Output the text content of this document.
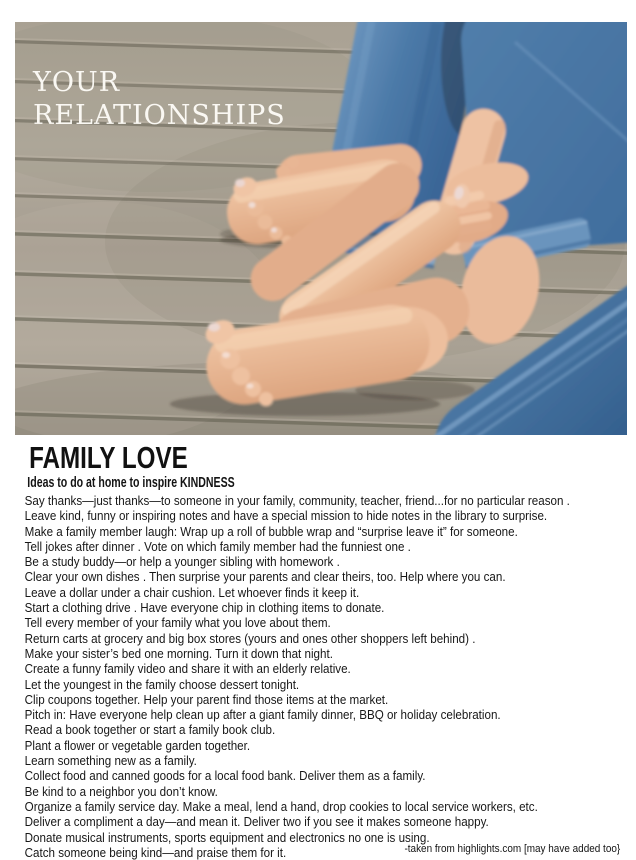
YOUR
RELATIONSHIPS
FAMILY LOVE
Ideas to do at home to inspire KINDNESS
Say thanks—just thanks—to someone in your family, community, teacher, friend...for no particular reason .
Leave kind, funny or inspiring notes and have a special mission to hide notes in the library to surprise.
Make a family member laugh: Wrap up a roll of bubble wrap and “surprise leave it” for someone.
Tell jokes after dinner . Vote on which family member had the funniest one .
Be a study buddy—or help a younger sibling with homework .
Clear your own dishes . Then surprise your parents and clear theirs, too. Help where you can.
Leave a dollar under a chair cushion. Let whoever finds it keep it.
Start a clothing drive . Have everyone chip in clothing items to donate.
Tell every member of your family what you love about them.
Return carts at grocery and big box stores (yours and ones other shoppers left behind) .
Make your sister’s bed one morning. Turn it down that night.
Create a funny family video and share it with an elderly relative.
Let the youngest in the family choose dessert tonight.
Clip coupons together. Help your parent find those items at the market.
Pitch in: Have everyone help clean up after a giant family dinner, BBQ or holiday celebration.
Read a book together or start a family book club.
Plant a flower or vegetable garden together.
Learn something new as a family.
Collect food and canned goods for a local food bank. Deliver them as a family.
Be kind to a neighbor you don’t know.
Organize a family service day. Make a meal, lend a hand, drop cookies to local service workers, etc.
Deliver a compliment a day—and mean it. Deliver two if you see it makes someone happy.
Donate musical instruments, sports equipment and electronics no one is using.
Catch someone being kind—and praise them for it.	-taken from highlights.com [may have added too}
